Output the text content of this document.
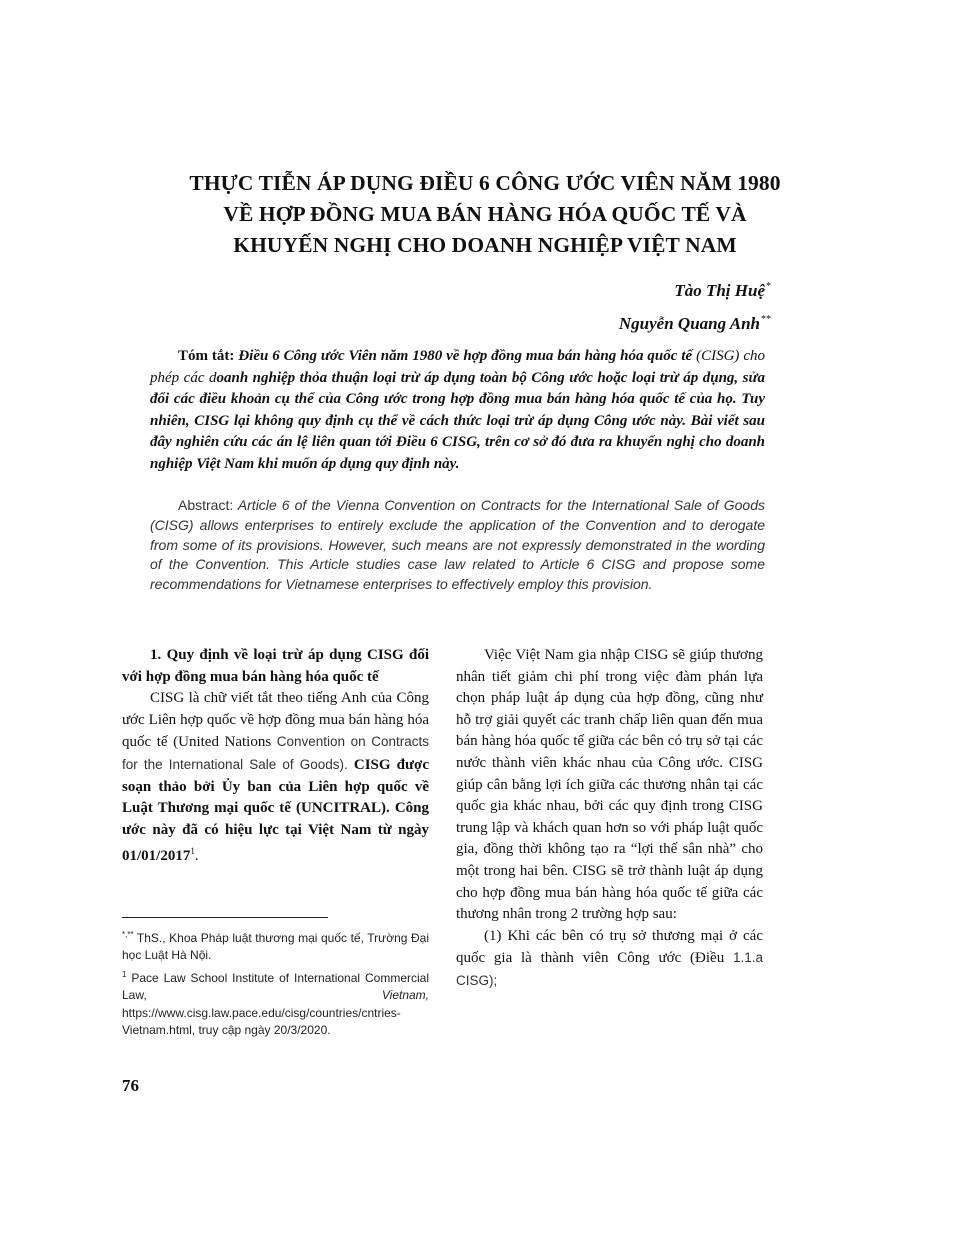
THỰC TIỄN ÁP DỤNG ĐIỀU 6 CÔNG ƯỚC VIÊN NĂM 1980
VỀ HỢP ĐỒNG MUA BÁN HÀNG HÓA QUỐC TẾ VÀ
KHUYẾN NGHỊ CHO DOANH NGHIỆP VIỆT NAM
Tào Thị Huệ*
Nguyễn Quang Anh**

Tóm tắt: Điều 6 Công ước Viên năm 1980 về hợp đồng mua bán hàng hóa quốc tế (CISG) cho phép các doanh nghiệp thỏa thuận loại trừ áp dụng toàn bộ Công ước hoặc loại trừ áp dụng, sửa đổi các điều khoản cụ thể của Công ước trong hợp đồng mua bán hàng hóa quốc tế của họ. Tuy nhiên, CISG lại không quy định cụ thể về cách thức loại trừ áp dụng Công ước này. Bài viết sau đây nghiên cứu các án lệ liên quan tới Điều 6 CISG, trên cơ sở đó đưa ra khuyến nghị cho doanh nghiệp Việt Nam khi muốn áp dụng quy định này.

Abstract: Article 6 of the Vienna Convention on Contracts for the International Sale of Goods (CISG) allows enterprises to entirely exclude the application of the Convention and to derogate from some of its provisions. However, such means are not expressly demonstrated in the wording of the Convention. This Article studies case law related to Article 6 CISG and propose some recommendations for Vietnamese enterprises to effectively employ this provision.

1. Quy định về loại trừ áp dụng CISG đối với hợp đồng mua bán hàng hóa quốc tế

CISG là chữ viết tắt theo tiếng Anh của Công ước Liên hợp quốc về hợp đồng mua bán hàng hóa quốc tế (United Nations Convention on Contracts for the International Sale of Goods). CISG được soạn thảo bởi Ủy ban của Liên hợp quốc về Luật Thương mại quốc tế (UNCITRAL). Công ước này đã có hiệu lực tại Việt Nam từ ngày 01/01/2017$^1$.

*,** ThS., Khoa Pháp luật thương mại quốc tế, Trường Đại học Luật Hà Nội.

$^1$ Pace Law School Institute of International Commercial Law, Vietnam, https://www.cisg.law.pace.edu/cisg/countries/cntries-Vietnam.html, truy cập ngày 20/3/2020.

Việc Việt Nam gia nhập CISG sẽ giúp thương nhân tiết giảm chi phí trong việc đàm phán lựa chọn pháp luật áp dụng của hợp đồng, cũng như hỗ trợ giải quyết các tranh chấp liên quan đến mua bán hàng hóa quốc tế giữa các bên có trụ sở tại các nước thành viên khác nhau của Công ước. CISG giúp cân bằng lợi ích giữa các thương nhân tại các quốc gia khác nhau, bởi các quy định trong CISG trung lập và khách quan hơn so với pháp luật quốc gia, đồng thời không tạo ra “lợi thế sân nhà” cho một trong hai bên. CISG sẽ trở thành luật áp dụng cho hợp đồng mua bán hàng hóa quốc tế giữa các thương nhân trong 2 trường hợp sau:

(1) Khi các bên có trụ sở thương mại ở các quốc gia là thành viên Công ước (Điều 1.1.a CISG);

76
